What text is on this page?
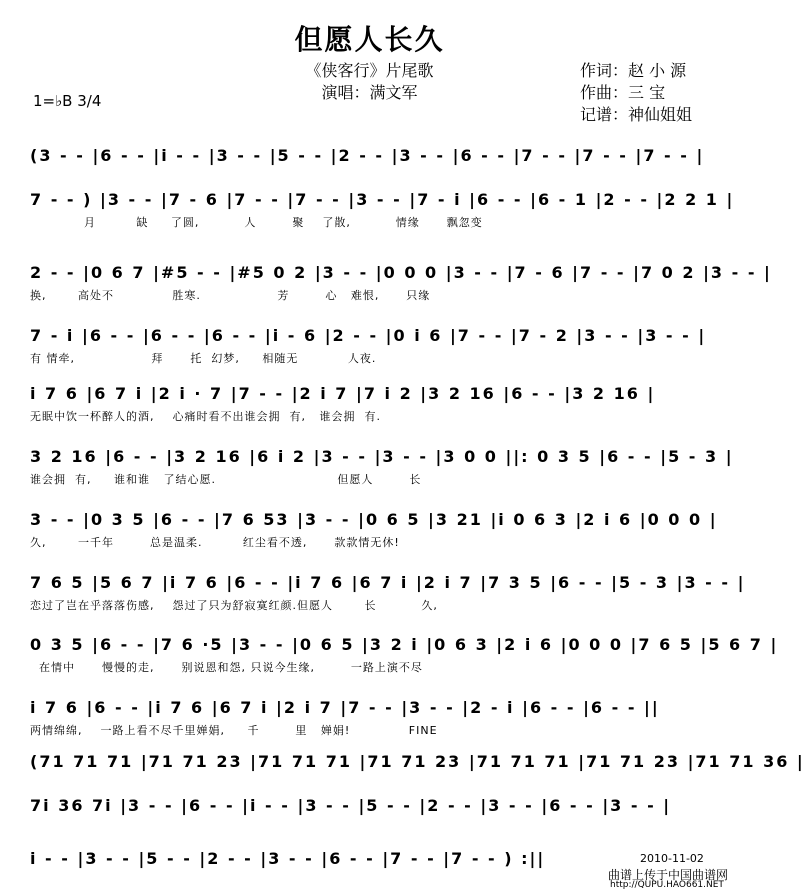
但愿人长久
《侠客行》片尾歌
演唱：满文军
作词：赵 小 源
作曲：三 宝
记谱：神仙姐姐
1=♭B 3/4
(3 - - |6 - - |i - - |3 - - |5 - - |2 - - |3 - - |6 - - |7 - - |7 - - |7 - - |
7 - - ) |3 - - |7 - 6 |7 - - |7 - - |3 - - |7 - i |6 - - |6 - 1 |2 - - |2 2 1 |
月         缺     了圆,          人        聚    了散,          情缘      飘忽变
2 - - |0 6 7 |#5 - - |#5 0 2 |3 - - |0 0 0 |3 - - |7 - 6 |7 - - |7 0 2 |3 - - |
换,       高处不             胜寒.                 芳        心   难恨,      只缘
7 - i |6 - - |6 - - |6 - - |i - 6 |2 - - |0 i 6 |7 - - |7 - 2 |3 - - |3 - - |
有 情牵,                 拜      托  幻梦,     相随无           人夜.
i 7 6 |6 7 i |2 i · 7 |7 - - |2 i 7 |7 i 2 |3 2 16 |6 - - |3 2 16 |
无眠中饮一杯醉人的酒,    心痛时看不出谁会拥  有,   谁会拥  有.
3 2 16 |6 - - |3 2 16 |6 i 2 |3 - - |3 - - |3 0 0 ||: 0 3 5 |6 - - |5 - 3 |
谁会拥  有,     谁和谁   了结心愿.                           但愿人        长
3 - - |0 3 5 |6 - - |7 6 53 |3 - - |0 6 5 |3 21 |i 0 6 3 |2 i 6 |0 0 0 |
久,       一千年        总是温柔.         红尘看不透,      款款情无休!
7 6 5 |5 6 7 |i 7 6 |6 - - |i 7 6 |6 7 i |2 i 7 |7 3 5 |6 - - |5 - 3 |3 - - |
恋过了岂在乎落落伤感,    怨过了只为舒寂寞红颜.但愿人       长          久,
0 3 5 |6 - - |7 6 ·5 |3 - - |0 6 5 |3 2 i |0 6 3 |2 i 6 |0 0 0 |7 6 5 |5 6 7 |
在情中      慢慢的走,      别说恩和怨, 只说今生缘,        一路上演不尽
i 7 6 |6 - - |i 7 6 |6 7 i |2 i 7 |7 - - |3 - - |2 - i |6 - - |6 - - ||
两情绵绵,    一路上看不尽千里婵娟,     千        里   婵娟!             FINE
(71 71 71 |71 71 23 |71 71 71 |71 71 23 |71 71 71 |71 71 23 |71 71 36 |
7i 36 7i |3 - - |6 - - |i - - |3 - - |5 - - |2 - - |3 - - |6 - - |3 - - |
i - - |3 - - |5 - - |2 - - |3 - - |6 - - |7 - - |7 - - ) :||	2010-11-02
曲谱上传于中国曲谱网
http://QUPU.HAO661.NET
